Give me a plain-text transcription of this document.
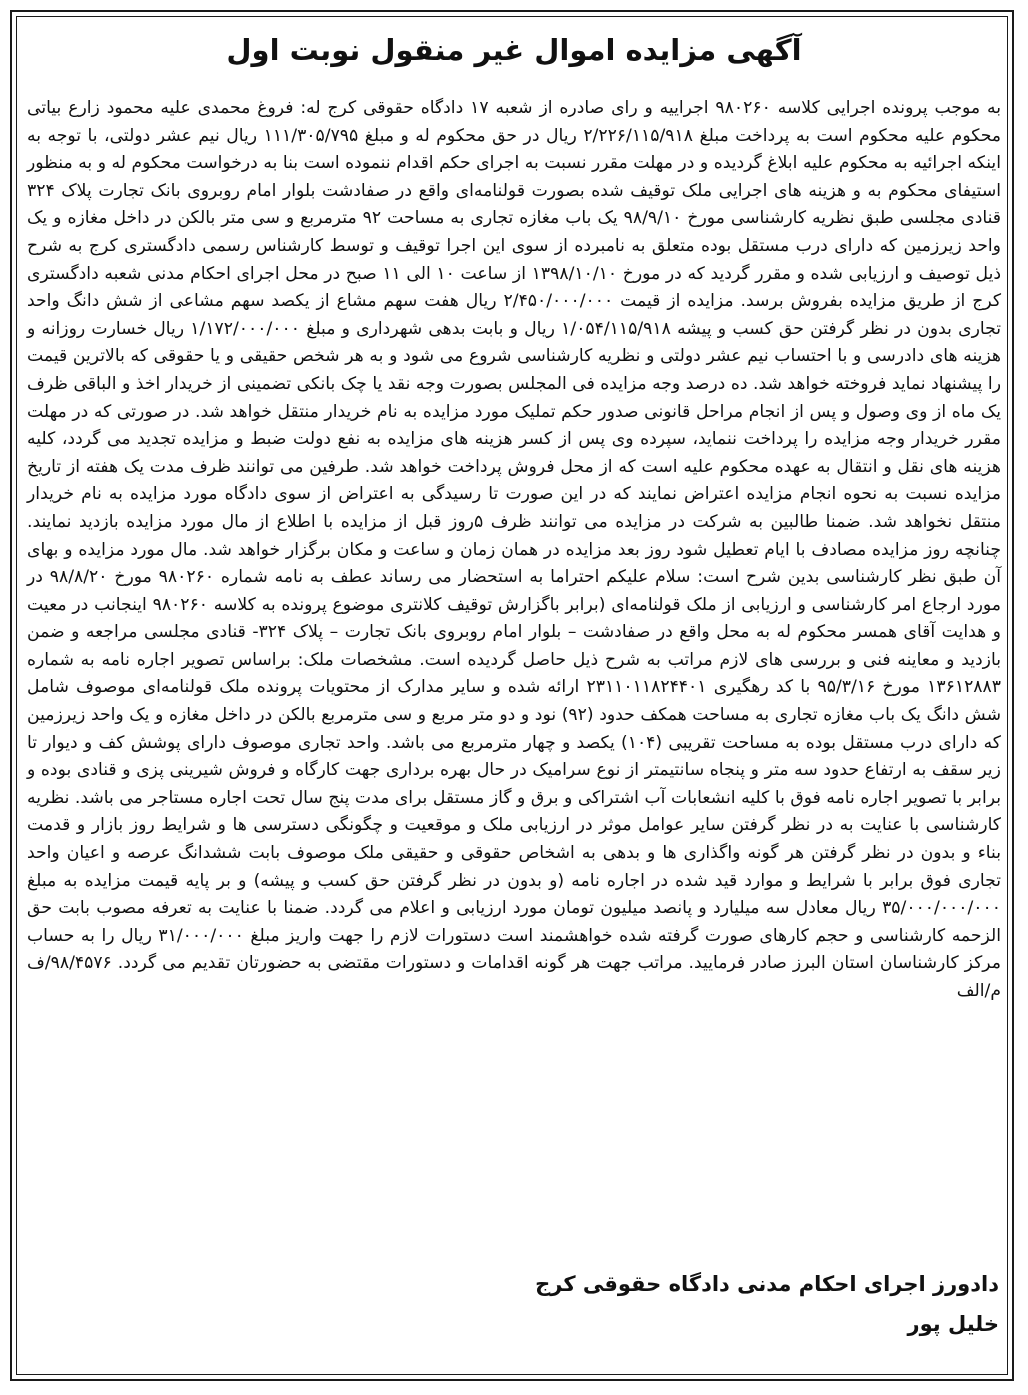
آگهی مزایده اموال غیر منقول نوبت اول

به موجب پرونده اجرایی کلاسه ۹۸۰۲۶۰ اجراییه و رای صادره از شعبه ۱۷ دادگاه حقوقی کرج له: فروغ محمدی علیه محمود زارع بیاتی محکوم علیه محکوم است به پرداخت مبلغ ۲/۲۲۶/۱۱۵/۹۱۸ ریال در حق محکوم له و مبلغ ۱۱۱/۳۰۵/۷۹۵ ریال نیم عشر دولتی، با توجه به اینکه اجرائیه به محکوم علیه ابلاغ گردیده و در مهلت مقرر نسبت به اجرای حکم اقدام ننموده است بنا به درخواست محکوم له و به منظور استیفای محکوم به و هزینه های اجرایی ملک توقیف شده بصورت قولنامه‌ای واقع در صفادشت بلوار امام روبروی بانک تجارت پلاک ۳۲۴ قنادی مجلسی طبق نظریه کارشناسی مورخ ۹۸/۹/۱۰ یک باب مغازه تجاری به مساحت ۹۲ مترمربع و سی متر بالکن در داخل مغازه و یک واحد زیرزمین که دارای درب مستقل بوده متعلق به نامبرده از سوی این اجرا توقیف و توسط کارشناس رسمی دادگستری کرج به شرح ذیل توصیف و ارزیابی شده و مقرر گردید که در مورخ ۱۳۹۸/۱۰/۱۰ از ساعت ۱۰ الی ۱۱ صبح در محل اجرای احکام مدنی شعبه دادگستری کرج از طریق مزایده بفروش برسد. مزایده از قیمت ۲/۴۵۰/۰۰۰/۰۰۰ ریال هفت سهم مشاع از یکصد سهم مشاعی از شش دانگ واحد تجاری بدون در نظر گرفتن حق کسب و پیشه ۱/۰۵۴/۱۱۵/۹۱۸ ریال و بابت بدهی شهرداری و مبلغ ۱/۱۷۲/۰۰۰/۰۰۰ ریال خسارت روزانه و هزینه های دادرسی و با احتساب نیم عشر دولتی و نظریه کارشناسی شروع می شود و به هر شخص حقیقی و یا حقوقی که بالاترین قیمت را پیشنهاد نماید فروخته خواهد شد. ده درصد وجه مزایده فی المجلس بصورت وجه نقد یا چک بانکی تضمینی از خریدار اخذ و الباقی ظرف یک ماه از وی وصول و پس از انجام مراحل قانونی صدور حکم تملیک مورد مزایده به نام خریدار منتقل خواهد شد. در صورتی که در مهلت مقرر خریدار وجه مزایده را پرداخت ننماید، سپرده وی پس از کسر هزینه های مزایده به نفع دولت ضبط و مزایده تجدید می گردد، کلیه هزینه های نقل و انتقال به عهده محکوم علیه است که از محل فروش پرداخت خواهد شد. طرفین می توانند ظرف مدت یک هفته از تاریخ مزایده نسبت به نحوه انجام مزایده اعتراض نمایند که در این صورت تا رسیدگی به اعتراض از سوی دادگاه مورد مزایده به نام خریدار منتقل نخواهد شد. ضمنا طالبین به شرکت در مزایده می توانند ظرف ۵روز قبل از مزایده با اطلاع از مال مورد مزایده بازدید نمایند. چنانچه روز مزایده مصادف با ایام تعطیل شود روز بعد مزایده در همان زمان و ساعت و مکان برگزار خواهد شد. مال مورد مزایده و بهای آن طبق نظر کارشناسی بدین شرح است: سلام علیکم احتراما به استحضار می رساند عطف به نامه شماره ۹۸۰۲۶۰ مورخ ۹۸/۸/۲۰ در مورد ارجاع امر کارشناسی و ارزیابی از ملک قولنامه‌ای (برابر باگزارش توقیف کلانتری موضوع پرونده به کلاسه ۹۸۰۲۶۰ اینجانب در معیت و هدایت آقای همسر محکوم له به محل واقع در صفادشت – بلوار امام روبروی بانک تجارت – پلاک ۳۲۴- قنادی مجلسی مراجعه و ضمن بازدید و معاینه فنی و بررسی های لازم مراتب به شرح ذیل حاصل گردیده است. مشخصات ملک: براساس تصویر اجاره نامه به شماره ۱۳۶۱۲۸۸۳ مورخ ۹۵/۳/۱۶ با کد رهگیری ۲۳۱۱۰۱۱۸۲۴۴۰۱ ارائه شده و سایر مدارک از محتویات پرونده ملک قولنامه‌ای موصوف شامل شش دانگ یک باب مغازه تجاری به مساحت همکف حدود (۹۲) نود و دو متر مربع و سی مترمربع بالکن در داخل مغازه و یک واحد زیرزمین که دارای درب مستقل بوده به مساحت تقریبی (۱۰۴) یکصد و چهار مترمربع می باشد. واحد تجاری موصوف دارای پوشش کف و دیوار تا زیر سقف به ارتفاع حدود سه متر و پنجاه سانتیمتر از نوع سرامیک در حال بهره برداری جهت کارگاه و فروش شیرینی پزی و قنادی بوده و برابر با تصویر اجاره نامه فوق با کلیه انشعابات آب اشتراکی و برق و گاز مستقل برای مدت پنج سال تحت اجاره مستاجر می باشد. نظریه کارشناسی با عنایت به در نظر گرفتن سایر عوامل موثر در ارزیابی ملک و موقعیت و چگونگی دسترسی ها و شرایط روز بازار و قدمت بناء و بدون در نظر گرفتن هر گونه واگذاری ها و بدهی به اشخاص حقوقی و حقیقی ملک موصوف بابت ششدانگ عرصه و اعیان واحد تجاری فوق برابر با شرایط و موارد قید شده در اجاره نامه (و بدون در نظر گرفتن حق کسب و پیشه) و بر پایه قیمت مزایده به مبلغ ۳۵/۰۰۰/۰۰۰/۰۰۰ ریال معادل سه میلیارد و پانصد میلیون تومان مورد ارزیابی و اعلام می گردد. ضمنا با عنایت به تعرفه مصوب بابت حق الزحمه کارشناسی و حجم کارهای صورت گرفته شده خواهشمند است دستورات لازم را جهت واریز مبلغ ۳۱/۰۰۰/۰۰۰ ریال را به حساب مرکز کارشناسان استان البرز صادر فرمایید. مراتب جهت هر گونه اقدامات و دستورات مقتضی به حضورتان تقدیم می گردد. ۹۸/۴۵۷۶/ف م/الف

دادورز اجرای احکام مدنی دادگاه حقوقی کرج

خلیل پور
